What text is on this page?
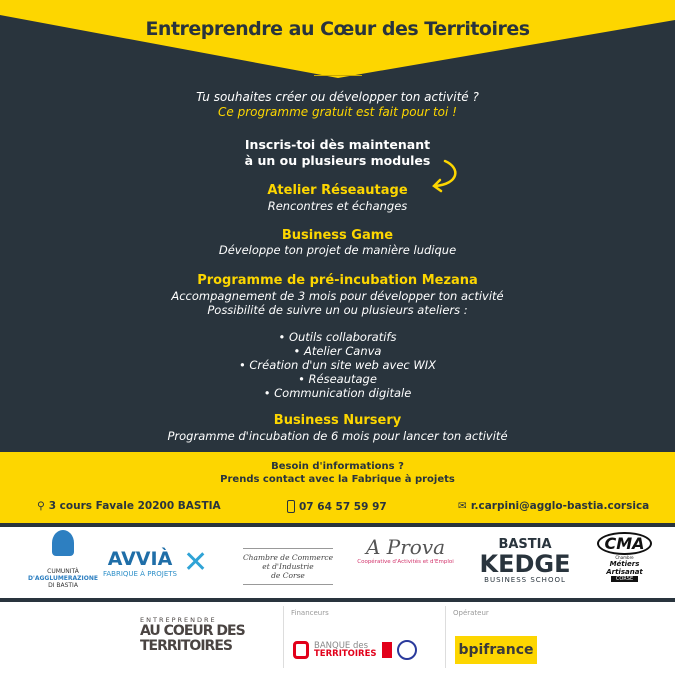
Entreprendre au Cœur des Territoires
Tu souhaites créer ou développer ton activité ?
Ce programme gratuit est fait pour toi !
Inscris-toi dès maintenant
à un ou plusieurs modules
Atelier Réseautage
Rencontres et échanges
Business Game
Développe ton projet de manière ludique
Programme de pré-incubation Mezana
Accompagnement de 3 mois pour développer ton activité
Possibilité de suivre un ou plusieurs ateliers :
• Outils collaboratifs
• Atelier Canva
• Création d'un site web avec WIX
• Réseautage
• Communication digitale
Business Nursery
Programme d'incubation de 6 mois pour lancer ton activité
Besoin d'informations ?
Prends contact avec la Fabrique à projets
⚲ 3 cours Favale 20200 BASTIA	07 64 57 59 97	✉ r.carpini@agglo-bastia.corsica
CUMUNITÀ
D'AGGLUMERAZIONE
DI BASTIA
AVVIÀ
FABRIQUE À PROJETS ✕	Chambre de Commerce
et d'Industrie
de Corse
A Prova
Coopérative d'Activités et d'Emploi
BASTIA
KEDGE
BUSINESS SCHOOL
CMA
Chambre
Métiers
Artisanat
CORSE
ENTREPRENDRE
AU COEUR DES
TERRITOIRES
Financeurs	Opérateur
BANQUE des
TERRITOIRES	bpifrance
